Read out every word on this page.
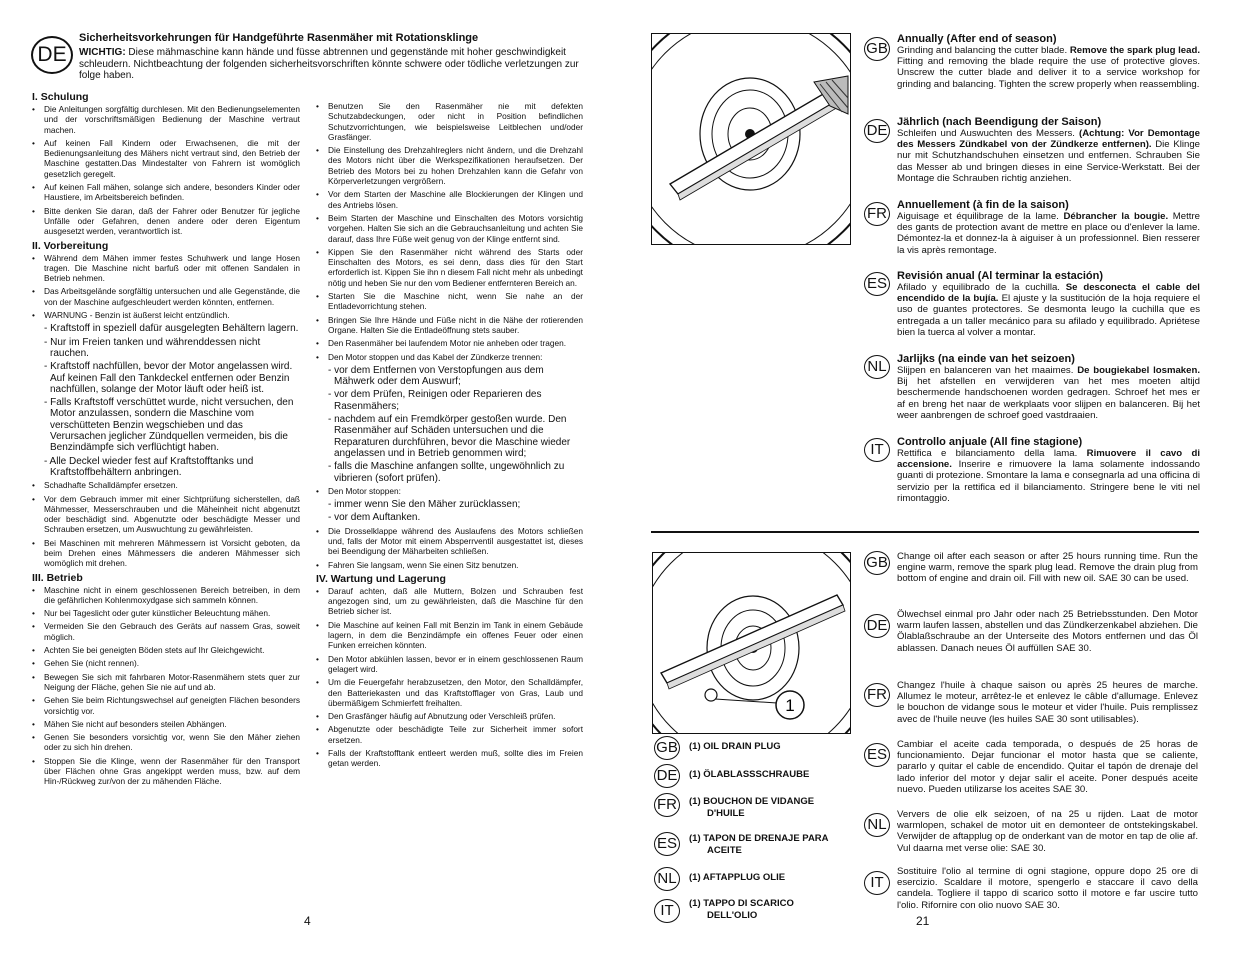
DE
Sicherheitsvorkehrungen für Handgeführte Rasenmäher mit Rotationsklinge

WICHTIG: Diese mähmaschine kann hände und füsse abtrennen und gegenstände mit hoher geschwindigkeit schleudern. Nichtbeachtung der folgenden sicherheitsvorschriften könnte schwere oder tödliche verletzungen zur folge haben.

I. Schulung
• Die Anleitungen sorgfältig durchlesen. Mit den Bedienungselementen und der vorschriftsmäßigen Bedienung der Maschine vertraut machen.
• Auf keinen Fall Kindern oder Erwachsenen, die mit der Bedienungsanleitung des Mähers nicht vertraut sind, den Betrieb der Maschine gestatten.Das Mindestalter von Fahrern ist womöglich gesetzlich geregelt.
• Auf keinen Fall mähen, solange sich andere, besonders Kinder oder Haustiere, im Arbeitsbereich befinden.
• Bitte denken Sie daran, daß der Fahrer oder Benutzer für jegliche Unfälle oder Gefahren, denen andere oder deren Eigentum ausgesetzt werden, verantwortlich ist.
II. Vorbereitung
• Während dem Mähen immer festes Schuhwerk und lange Hosen tragen. Die Maschine nicht barfuß oder mit offenen Sandalen in Betrieb nehmen.
• Das Arbeitsgelände sorgfältig untersuchen und alle Gegenstände, die von der Maschine aufgeschleudert werden könnten, entfernen.
• WARNUNG - Benzin ist äußerst leicht entzündlich.
- Kraftstoff in speziell dafür ausgelegten Behältern lagern.
- Nur im Freien tanken und währenddessen nicht rauchen.
- Kraftstoff nachfüllen, bevor der Motor angelassen wird. Auf keinen Fall den Tankdeckel entfernen oder Benzin nachfüllen, solange der Motor läuft oder heiß ist.
- Falls Kraftstoff verschüttet wurde, nicht versuchen, den Motor anzulassen, sondern die Maschine vom verschütteten Benzin wegschieben und das Verursachen jeglicher Zündquellen vermeiden, bis die Benzindämpfe sich verflüchtigt haben.
- Alle Deckel wieder fest auf Kraftstofftanks und Kraftstoffbehältern anbringen.
• Schadhafte Schalldämpfer ersetzen.
• Vor dem Gebrauch immer mit einer Sichtprüfung sicherstellen, daß Mähmesser, Messerschrauben und die Mäheinheit nicht abgenutzt oder beschädigt sind. Abgenutzte oder beschädigte Messer und Schrauben ersetzen, um Auswuchtung zu gewährleisten.
• Bei Maschinen mit mehreren Mähmessern ist Vorsicht geboten, da beim Drehen eines Mähmessers die anderen Mähmesser sich womöglich mit drehen.
III. Betrieb
• Maschine nicht in einem geschlossenen Bereich betreiben, in dem die gefährlichen Kohlenmoxydgase sich sammeln können.
• Nur bei Tageslicht oder guter künstlicher Beleuchtung mähen.
• Vermeiden Sie den Gebrauch des Geräts auf nassem Gras, soweit möglich.
• Achten Sie bei geneigten Böden stets auf Ihr Gleichgewicht.
• Gehen Sie (nicht rennen).
• Bewegen Sie sich mit fahrbaren Motor-Rasenmähern stets quer zur Neigung der Fläche, gehen Sie nie auf und ab.
• Gehen Sie beim Richtungswechsel auf geneigten Flächen besonders vorsichtig vor.
• Mähen Sie nicht auf besonders steilen Abhängen.
• Genen Sie besonders vorsichtig vor, wenn Sie den Mäher ziehen oder zu sich hin drehen.
• Stoppen Sie die Klinge, wenn der Rasenmäher für den Transport über Flächen ohne Gras angekippt werden muss, bzw. auf dem Hin-/Rückweg zur/von der zu mähenden Fläche.
• Benutzen Sie den Rasenmäher nie mit defekten Schutzabdeckungen, oder nicht in Position befindlichen Schutzvorrichtungen, wie beispielsweise Leitblechen und/oder Grasfänger.
• Die Einstellung des Drehzahlreglers nicht ändern, und die Drehzahl des Motors nicht über die Werkspezifikationen heraufsetzen. Der Betrieb des Motors bei zu hohen Drehzahlen kann die Gefahr von Körperverletzungen vergrößern.
• Vor dem Starten der Maschine alle Blockierungen der Klingen und des Antriebs lösen.
• Beim Starten der Maschine und Einschalten des Motors vorsichtig vorgehen. Halten Sie sich an die Gebrauchsanleitung und achten Sie darauf, dass Ihre Füße weit genug von der Klinge entfernt sind.
• Kippen Sie den Rasenmäher nicht während des Starts oder Einschalten des Motors, es sei denn, dass dies für den Start erforderlich ist. Kippen Sie ihn n diesem Fall nicht mehr als unbedingt nötig und heben Sie nur den vom Bediener entfernteren Bereich an.
• Starten Sie die Maschine nicht, wenn Sie nahe an der Entladevorrichtung stehen.
• Bringen Sie Ihre Hände und Füße nicht in die Nähe der rotierenden Organe. Halten Sie die Entladeöffnung stets sauber.
• Den Rasenmäher bei laufendem Motor nie anheben oder tragen.
• Den Motor stoppen und das Kabel der Zündkerze trennen:
- vor dem Entfernen von Verstopfungen aus dem Mähwerk oder dem Auswurf;
- vor dem Prüfen, Reinigen oder Reparieren des Rasenmähers;
- nachdem auf ein Fremdkörper gestoßen wurde. Den Rasenmäher auf Schäden untersuchen und die Reparaturen durchführen, bevor die Maschine wieder angelassen und in Betrieb genommen wird;
- falls die Maschine anfangen sollte, ungewöhnlich zu vibrieren (sofort prüfen).
• Den Motor stoppen:
- immer wenn Sie den Mäher zurücklassen;
- vor dem Auftanken.
• Die Drosselklappe während des Auslaufens des Motors schließen und, falls der Motor mit einem Absperrventil ausgestattet ist, dieses bei Beendigung der Mäharbeiten schließen.
• Fahren Sie langsam, wenn Sie einen Sitz benutzen.
IV. Wartung und Lagerung
• Darauf achten, daß alle Muttern, Bolzen und Schrauben fest angezogen sind, um zu gewährleisten, daß die Maschine für den Betrieb sicher ist.
• Die Maschine auf keinen Fall mit Benzin im Tank in einem Gebäude lagern, in dem die Benzindämpfe ein offenes Feuer oder einen Funken erreichen könnten.
• Den Motor abkühlen lassen, bevor er in einem geschlossenen Raum gelagert wird.
• Um die Feuergefahr herabzusetzen, den Motor, den Schalldämpfer, den Batteriekasten und das Kraftstofflager von Gras, Laub und übermäßigem Schmierfett freihalten.
• Den Grasfänger häufig auf Abnutzung oder Verschleiß prüfen.
• Abgenutzte oder beschädigte Teile zur Sicherheit immer sofort ersetzen.
• Falls der Kraftstofftank entleert werden muß, sollte dies im Freien getan werden.
4
GB
Annually (After end of season)

Grinding and balancing the cutter blade. Remove the spark plug lead. Fitting and removing the blade require the use of protective gloves. Unscrew the cutter blade and deliver it to a service workshop for grinding and balancing. Tighten the screw properly when reassembling.

DE Jährlich (nach Beendigung der Saison)

Schleifen und Auswuchten des Messers. (Achtung: Vor Demontage des Messers Zündkabel von der Zündkerze entfernen). Die Klinge nur mit Schutzhandschuhen einsetzen und entfernen. Schrauben Sie das Messer ab und bringen dieses in eine Service-Werkstatt. Bei der Montage die Schrauben richtig anziehen.

FR Annuellement (à fin de la saison)

Aiguisage et équilibrage de la lame. Débrancher la bougie. Mettre des gants de protection avant de mettre en place ou d'enlever la lame. Démontez-la et donnez-la à aiguiser à un professionnel. Bien resserer la vis après remontage.

ES Revisión anual (Al terminar la estación)

Afilado y equilibrado de la cuchilla. Se desconecta el cable del encendido de la bujía. El ajuste y la sustitución de la hoja requiere el uso de guantes protectores. Se desmonta leugo la cuchilla que es entregada a un taller mecánico para su afilado y equilibrado. Apriétese bien la tuerca al volver a montar.

NL Jarlijks (na einde van het seizoen)

Slijpen en balanceren van het maaimes. De bougiekabel losmaken. Bij het afstellen en verwijderen van het mes moeten altijd beschermende handschoenen worden gedragen. Schroef het mes er af en breng het naar de werkplaats voor slijpen en balanceren. Bij het weer aanbrengen de schroef goed vastdraaien.

IT	Controllo anjuale (All fine stagione)

Rettifica e bilanciamento della lama. Rimuovere il cavo di accensione. Inserire e rimuovere la lama solamente indossando guanti di protezione. Smontare la lama e consegnarla ad una officina di servizio per la rettifica ed il bilanciamento. Stringere bene le viti nel rimontaggio.

1
GB (1) OIL DRAIN PLUG
DE (1) ÖLABLASSSCHRAUBE
FR	(1) BOUCHON DE VIDANGE
D'HUILE
ES	(1) TAPON DE DRENAJE PARA
ACEITE
NL	(1) AFTAPPLUG OLIE
IT	(1) TAPPO DI SCARICO
DELL'OLIO
GB Change oil after each season or after 25 hours running time. Run the engine warm, remove the spark plug lead. Remove the drain plug from bottom of engine and drain oil. Fill with new oil. SAE 30 can be used.

DE

Ölwechsel einmal pro Jahr oder nach 25 Betriebsstunden. Den Motor warm laufen lassen, abstellen und das Zündkerzenkabel abziehen. Die Ölablaßschraube an der Unterseite des Motors entfernen und das Öl ablassen. Danach neues Öl auffüllen SAE 30.

FR

Changez l'huile à chaque saison ou après 25 heures de marche. Allumez le moteur, arrêtez-le et enlevez le câble d'allumage. Enlevez le bouchon de vidange sous le moteur et vider l'huile. Puis remplissez avec de l'huile neuve (les huiles SAE 30 sont utilisables).

ES

Cambiar el aceite cada temporada, o después de 25 horas de funcionamiento. Dejar funcionar el motor hasta que se caliente, pararlo y quitar el cable de encendido. Quitar el tapón de drenaje del lado inferior del motor y dejar salir el aceite. Poner después aceite nuevo. Pueden utilizarse los aceites SAE 30.

NL

Ververs de olie elk seizoen, of na 25 u rijden. Laat de motor warmlopen, schakel de motor uit en demonteer de ontstekingskabel. Verwijder de aftapplug op de onderkant van de motor en tap de olie af. Vul daarna met verse olie: SAE 30.

IT

Sostituire l'olio al termine di ogni stagione, oppure dopo 25 ore di esercizio. Scaldare il motore, spengerlo e staccare il cavo della candela. Togliere il tappo di scarico sotto il motore e far uscire tutto l'olio. Rifornire con olio nuovo SAE 30.

21
